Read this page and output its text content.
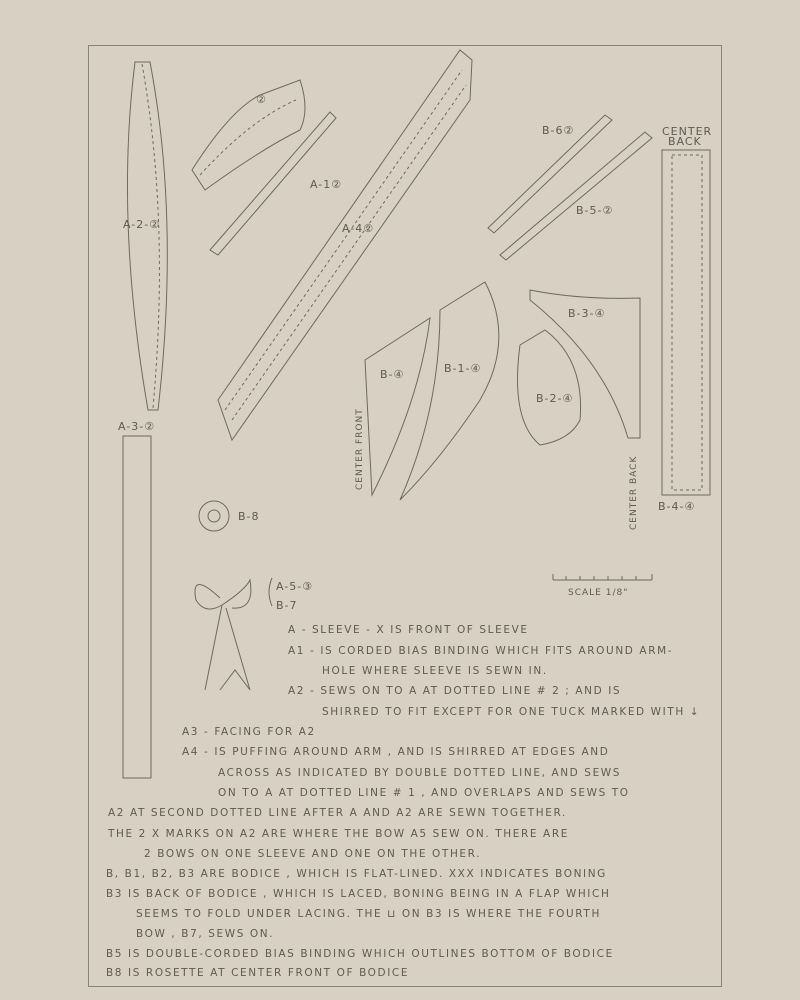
A-2-②
A-3-②
②
A-1②
A-4②
B-6②
B-5-②
CENTER
BACK
B-4-④
B-④
CENTER FRONT
B-1-④
B-2-④
B-3-④
CENTER BACK
B-8
A-5-③
B-7
SCALE 1/8"
A - SLEEVE - X IS FRONT OF SLEEVE
A1 - IS CORDED BIAS BINDING WHICH FITS AROUND ARM-
HOLE WHERE SLEEVE IS SEWN IN.
A2 - SEWS ON TO A AT DOTTED LINE # 2 ; AND IS
SHIRRED TO FIT EXCEPT FOR ONE TUCK MARKED WITH ↓
A3 - FACING FOR A2
A4 - IS PUFFING AROUND ARM , AND IS SHIRRED AT EDGES AND
ACROSS AS INDICATED BY DOUBLE DOTTED LINE, AND SEWS
ON TO A AT DOTTED LINE # 1 , AND OVERLAPS AND SEWS TO
A2 AT SECOND DOTTED LINE AFTER A AND A2 ARE SEWN TOGETHER.
THE 2 X MARKS ON A2 ARE WHERE THE BOW A5 SEW ON. THERE ARE
2 BOWS ON ONE SLEEVE AND ONE ON THE OTHER.
B, B1, B2, B3 ARE BODICE , WHICH IS FLAT-LINED. XXX INDICATES BONING
B3 IS BACK OF BODICE , WHICH IS LACED, BONING BEING IN A FLAP WHICH
SEEMS TO FOLD UNDER LACING. THE ⊔ ON B3 IS WHERE THE FOURTH
BOW , B7, SEWS ON.
B5 IS DOUBLE-CORDED BIAS BINDING WHICH OUTLINES BOTTOM OF BODICE
B8 IS ROSETTE AT CENTER FRONT OF BODICE
